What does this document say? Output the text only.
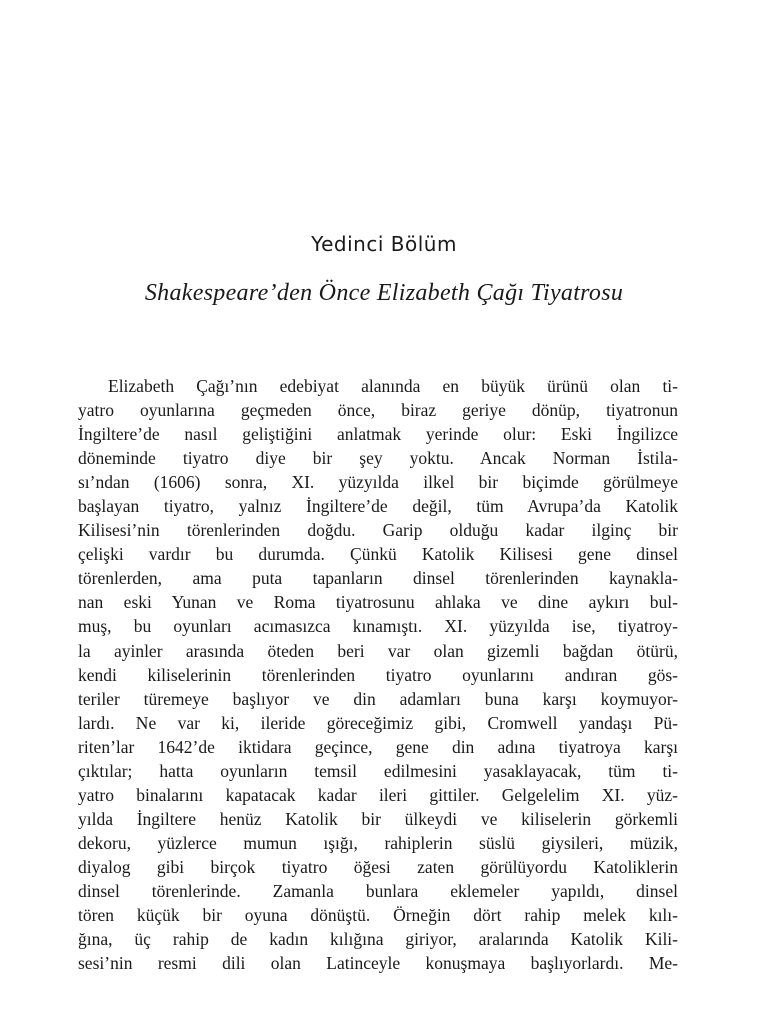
Yedinci Bölüm
Shakespeare’den Önce Elizabeth Çağı Tiyatrosu
Elizabeth Çağı’nın edebiyat alanında en büyük ürünü olan ti-
yatro oyunlarına geçmeden önce, biraz geriye dönüp, tiyatronun
İngiltere’de nasıl geliştiğini anlatmak yerinde olur: Eski İngilizce
döneminde tiyatro diye bir şey yoktu. Ancak Norman İstila-
sı’ndan (1606) sonra, XI. yüzyılda ilkel bir biçimde görülmeye
başlayan tiyatro, yalnız İngiltere’de değil, tüm Avrupa’da Katolik
Kilisesi’nin törenlerinden doğdu. Garip olduğu kadar ilginç bir
çelişki vardır bu durumda. Çünkü Katolik Kilisesi gene dinsel
törenlerden, ama puta tapanların dinsel törenlerinden kaynakla-
nan eski Yunan ve Roma tiyatrosunu ahlaka ve dine aykırı bul-
muş, bu oyunları acımasızca kınamıştı. XI. yüzyılda ise, tiyatroy-
la ayinler arasında öteden beri var olan gizemli bağdan ötürü,
kendi kiliselerinin törenlerinden tiyatro oyunlarını andıran gös-
teriler türemeye başlıyor ve din adamları buna karşı koymuyor-
lardı. Ne var ki, ileride göreceğimiz gibi, Cromwell yandaşı Pü-
riten’lar 1642’de iktidara geçince, gene din adına tiyatroya karşı
çıktılar; hatta oyunların temsil edilmesini yasaklayacak, tüm ti-
yatro binalarını kapatacak kadar ileri gittiler. Gelgelelim XI. yüz-
yılda İngiltere henüz Katolik bir ülkeydi ve kiliselerin görkemli
dekoru, yüzlerce mumun ışığı, rahiplerin süslü giysileri, müzik,
diyalog gibi birçok tiyatro öğesi zaten görülüyordu Katoliklerin
dinsel törenlerinde. Zamanla bunlara eklemeler yapıldı, dinsel
tören küçük bir oyuna dönüştü. Örneğin dört rahip melek kılı-
ğına, üç rahip de kadın kılığına giriyor, aralarında Katolik Kili-
sesi’nin resmi dili olan Latinceyle konuşmaya başlıyorlardı. Me-
